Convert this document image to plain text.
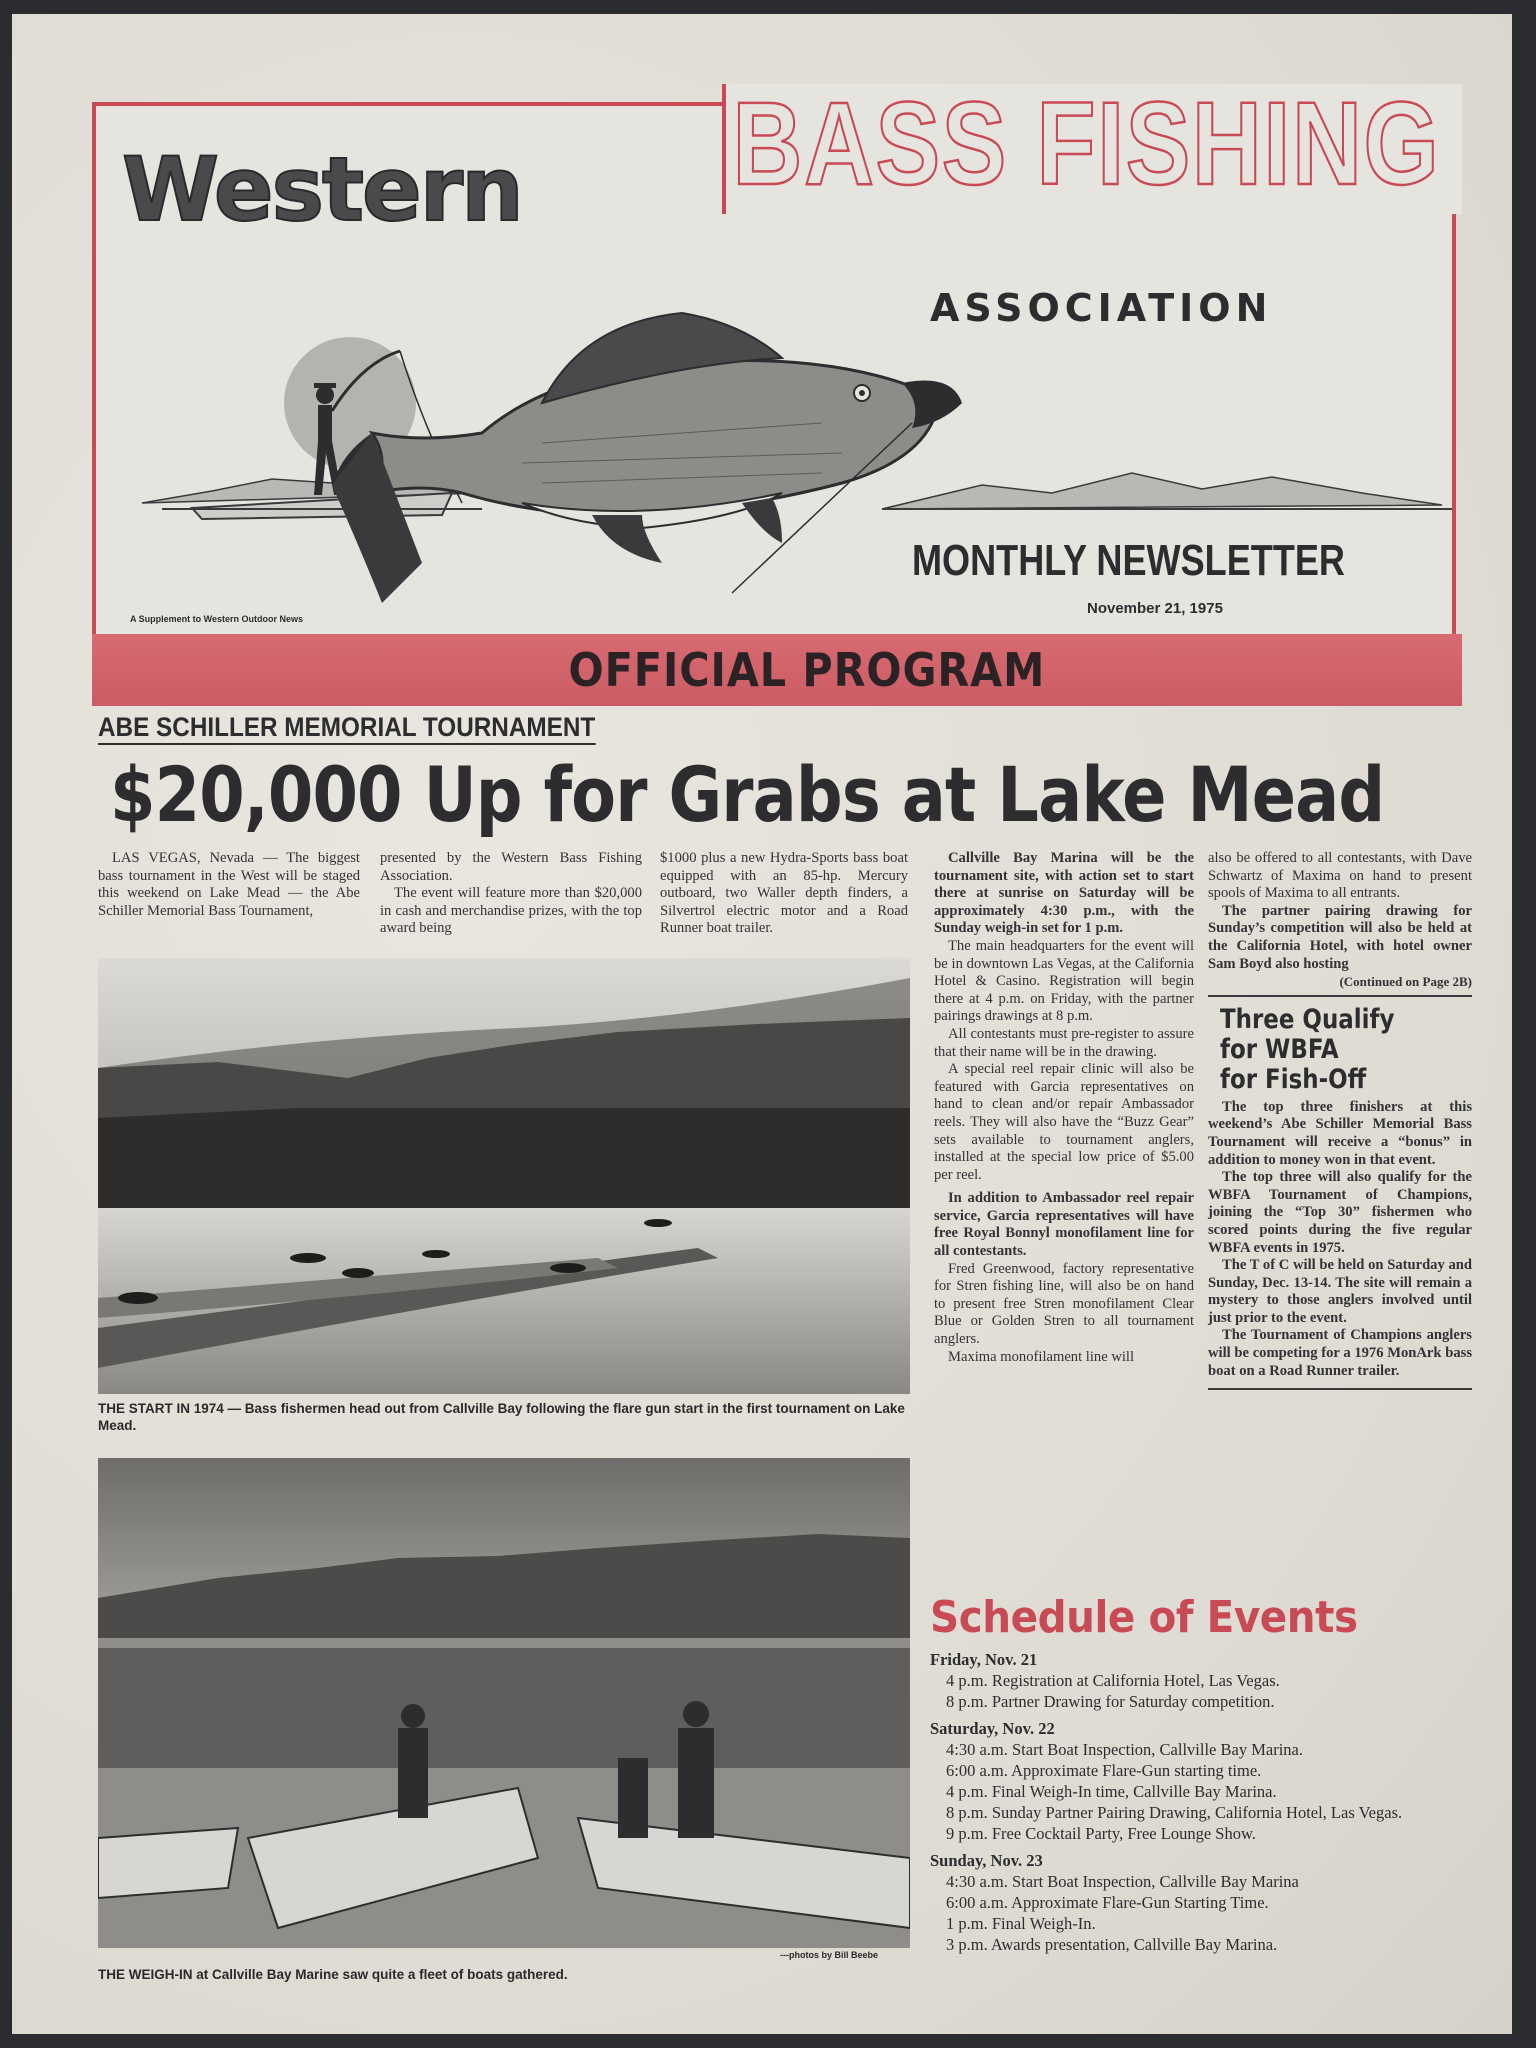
Western BASS FISHING
ASSOCIATION
MONTHLY NEWSLETTER
November 21, 1975
A Supplement to Western Outdoor News
OFFICIAL PROGRAM
ABE SCHILLER MEMORIAL TOURNAMENT
$20,000 Up for Grabs at Lake Mead

LAS VEGAS, Nevada — The biggest bass tournament in the West will be staged this weekend on Lake Mead — the Abe Schiller Memorial Bass Tournament,

presented by the Western Bass Fishing Association.

The event will feature more than $20,000 in cash and merchandise prizes, with the top award being

$1000 plus a new Hydra-Sports bass boat equipped with an 85-hp. Mercury outboard, two Waller depth finders, a Silvertrol electric motor and a Road Runner boat trailer.

Callville Bay Marina will be the tournament site, with action set to start there at sunrise on Saturday will be approximately 4:30 p.m., with the Sunday weigh-in set for 1 p.m.

The main headquarters for the event will be in downtown Las Vegas, at the California Hotel & Casino. Registration will begin there at 4 p.m. on Friday, with the partner pairings drawings at 8 p.m.

All contestants must pre-register to assure that their name will be in the drawing.

A special reel repair clinic will also be featured with Garcia representatives on hand to clean and/or repair Ambassador reels. They will also have the “Buzz Gear” sets available to tournament anglers, installed at the special low price of $5.00 per reel.

In addition to Ambassador reel repair service, Garcia representatives will have free Royal Bonnyl monofilament line for all contestants.

Fred Greenwood, factory representative for Stren fishing line, will also be on hand to present free Stren monofilament Clear Blue or Golden Stren to all tournament anglers.

Maxima monofilament line will

also be offered to all contestants, with Dave Schwartz of Maxima on hand to present spools of Maxima to all entrants.

The partner pairing drawing for Sunday’s competition will also be held at the California Hotel, with hotel owner Sam Boyd also hosting

(Continued on Page 2B)
Three Qualify
for WBFA
for Fish-Off

The top three finishers at this weekend’s Abe Schiller Memorial Bass Tournament will receive a “bonus” in addition to money won in that event.

The top three will also qualify for the WBFA Tournament of Champions, joining the “Top 30” fishermen who scored points during the five regular WBFA events in 1975.

The T of C will be held on Saturday and Sunday, Dec. 13-14. The site will remain a mystery to those anglers involved until just prior to the event.

The Tournament of Champions anglers will be competing for a 1976 MonArk bass boat on a Road Runner trailer.

THE START IN 1974 — Bass fishermen head out from Callville Bay following the flare gun start in the first tournament on Lake Mead.
---photos by Bill Beebe
THE WEIGH-IN at Callville Bay Marine saw quite a fleet of boats gathered.
Schedule of Events
Friday, Nov. 21
4 p.m. Registration at California Hotel, Las Vegas.
8 p.m. Partner Drawing for Saturday competition.
Saturday, Nov. 22
4:30 a.m. Start Boat Inspection, Callville Bay Marina.
6:00 a.m. Approximate Flare-Gun starting time.
4 p.m. Final Weigh-In time, Callville Bay Marina.
8 p.m. Sunday Partner Pairing Drawing, California Hotel, Las Vegas.
9 p.m. Free Cocktail Party, Free Lounge Show.
Sunday, Nov. 23
4:30 a.m. Start Boat Inspection, Callville Bay Marina
6:00 a.m. Approximate Flare-Gun Starting Time.
1 p.m. Final Weigh-In.
3 p.m. Awards presentation, Callville Bay Marina.
